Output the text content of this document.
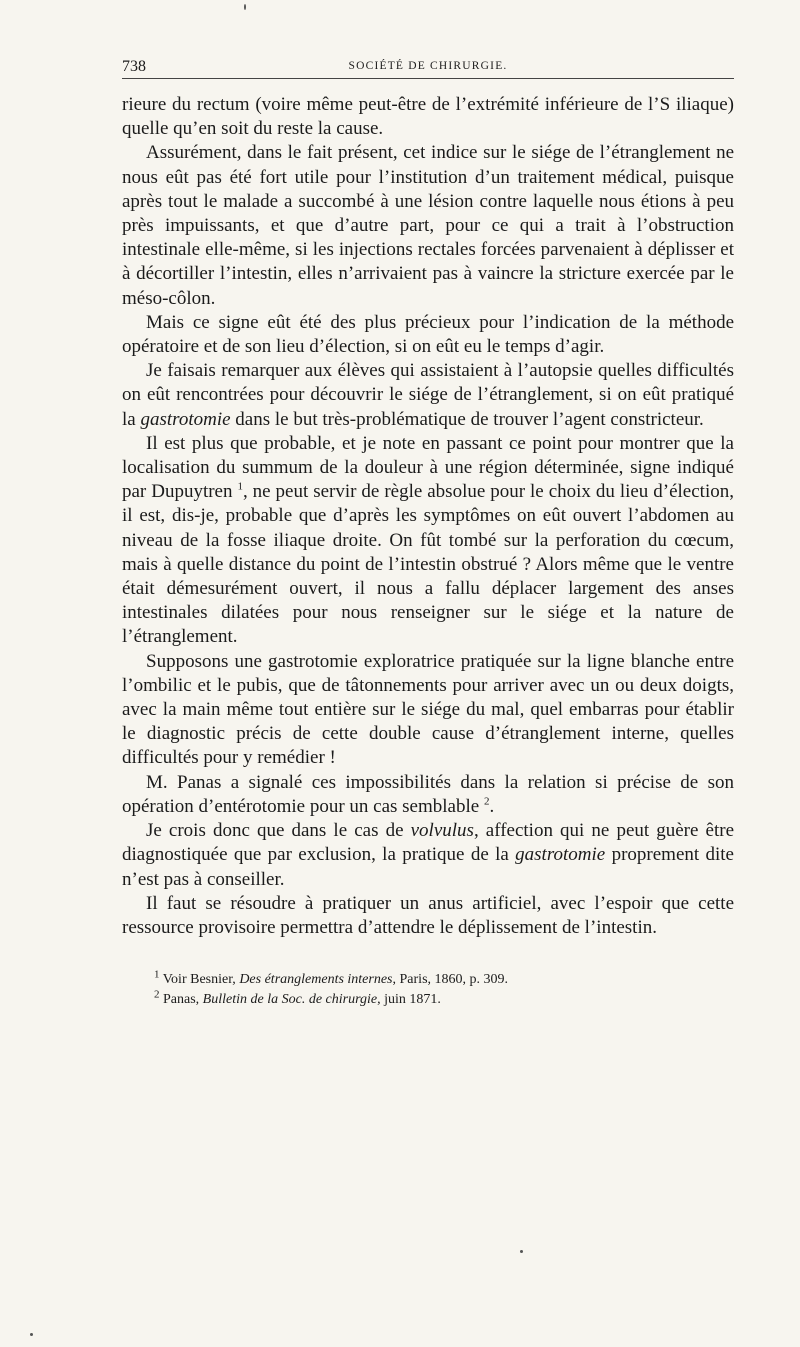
738	SOCIÉTÉ DE CHIRURGIE.

rieure du rectum (voire même peut-être de l’extrémité inférieure de l’S iliaque) quelle qu’en soit du reste la cause.

Assurément, dans le fait présent, cet indice sur le siége de l’étranglement ne nous eût pas été fort utile pour l’institution d’un traitement médical, puisque après tout le malade a succombé à une lésion contre laquelle nous étions à peu près impuissants, et que d’autre part, pour ce qui a trait à l’obstruction intestinale elle-même, si les injections rectales forcées parvenaient à déplisser et à décortiller l’intestin, elles n’arrivaient pas à vaincre la stricture exercée par le méso-côlon.

Mais ce signe eût été des plus précieux pour l’indication de la méthode opératoire et de son lieu d’élection, si on eût eu le temps d’agir.

Je faisais remarquer aux élèves qui assistaient à l’autopsie quelles difficultés on eût rencontrées pour découvrir le siége de l’étranglement, si on eût pratiqué la gastrotomie dans le but très-problématique de trouver l’agent constricteur.

Il est plus que probable, et je note en passant ce point pour montrer que la localisation du summum de la douleur à une région déterminée, signe indiqué par Dupuytren $^1$, ne peut servir de règle absolue pour le choix du lieu d’élection, il est, dis-je, probable que d’après les symptômes on eût ouvert l’abdomen au niveau de la fosse iliaque droite. On fût tombé sur la perforation du cœcum, mais à quelle distance du point de l’intestin obstrué ? Alors même que le ventre était démesurément ouvert, il nous a fallu déplacer largement des anses intestinales dilatées pour nous renseigner sur le siége et la nature de l’étranglement.

Supposons une gastrotomie exploratrice pratiquée sur la ligne blanche entre l’ombilic et le pubis, que de tâtonnements pour arriver avec un ou deux doigts, avec la main même tout entière sur le siége du mal, quel embarras pour établir le diagnostic précis de cette double cause d’étranglement interne, quelles difficultés pour y remédier !

M. Panas a signalé ces impossibilités dans la relation si précise de son opération d’entérotomie pour un cas semblable $^2$.

Je crois donc que dans le cas de volvulus, affection qui ne peut guère être diagnostiquée que par exclusion, la pratique de la gastrotomie proprement dite n’est pas à conseiller.

Il faut se résoudre à pratiquer un anus artificiel, avec l’espoir que cette ressource provisoire permettra d’attendre le déplissement de l’intestin.

$^1$ Voir Besnier, Des étranglements internes, Paris, 1860, p. 309.

$^2$ Panas, Bulletin de la Soc. de chirurgie, juin 1871.
